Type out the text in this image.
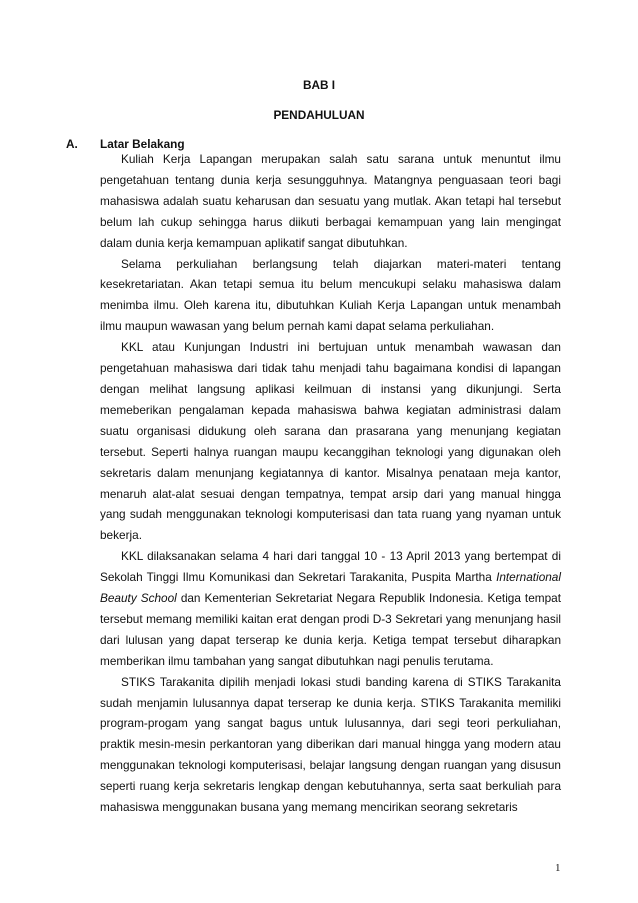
BAB I
PENDAHULUAN
A. Latar Belakang

Kuliah Kerja Lapangan merupakan salah satu sarana untuk menuntut ilmu pengetahuan tentang dunia kerja sesungguhnya. Matangnya penguasaan teori bagi mahasiswa adalah suatu keharusan dan sesuatu yang mutlak. Akan tetapi hal tersebut belum lah cukup sehingga harus diikuti berbagai kemampuan yang lain mengingat dalam dunia kerja kemampuan aplikatif sangat dibutuhkan.

Selama perkuliahan berlangsung telah diajarkan materi-materi tentang kesekretariatan. Akan tetapi semua itu belum mencukupi selaku mahasiswa dalam menimba ilmu. Oleh karena itu, dibutuhkan Kuliah Kerja Lapangan untuk menambah ilmu maupun wawasan yang belum pernah kami dapat selama perkuliahan.

KKL atau Kunjungan Industri ini bertujuan untuk menambah wawasan dan pengetahuan mahasiswa dari tidak tahu menjadi tahu bagaimana kondisi di lapangan dengan melihat langsung aplikasi keilmuan di instansi yang dikunjungi. Serta memeberikan pengalaman kepada mahasiswa bahwa kegiatan administrasi dalam suatu organisasi didukung oleh sarana dan prasarana yang menunjang kegiatan tersebut. Seperti halnya ruangan maupu kecanggihan teknologi yang digunakan oleh sekretaris dalam menunjang kegiatannya di kantor. Misalnya penataan meja kantor, menaruh alat-alat sesuai dengan tempatnya, tempat arsip dari yang manual hingga yang sudah menggunakan teknologi komputerisasi dan tata ruang yang nyaman untuk bekerja.

KKL dilaksanakan selama 4 hari dari tanggal 10 - 13 April 2013 yang bertempat di Sekolah Tinggi Ilmu Komunikasi dan Sekretari Tarakanita, Puspita Martha International Beauty School dan Kementerian Sekretariat Negara Republik Indonesia. Ketiga tempat tersebut memang memiliki kaitan erat dengan prodi D-3 Sekretari yang menunjang hasil dari lulusan yang dapat terserap ke dunia kerja. Ketiga tempat tersebut diharapkan memberikan ilmu tambahan yang sangat dibutuhkan nagi penulis terutama.

STIKS Tarakanita dipilih menjadi lokasi studi banding karena di STIKS Tarakanita sudah menjamin lulusannya dapat terserap ke dunia kerja. STIKS Tarakanita memiliki program-progam yang sangat bagus untuk lulusannya, dari segi teori perkuliahan, praktik mesin-mesin perkantoran yang diberikan dari manual hingga yang modern atau menggunakan teknologi komputerisasi, belajar langsung dengan ruangan yang disusun seperti ruang kerja sekretaris lengkap dengan kebutuhannya, serta saat berkuliah para mahasiswa menggunakan busana yang memang mencirikan seorang sekretaris

1
